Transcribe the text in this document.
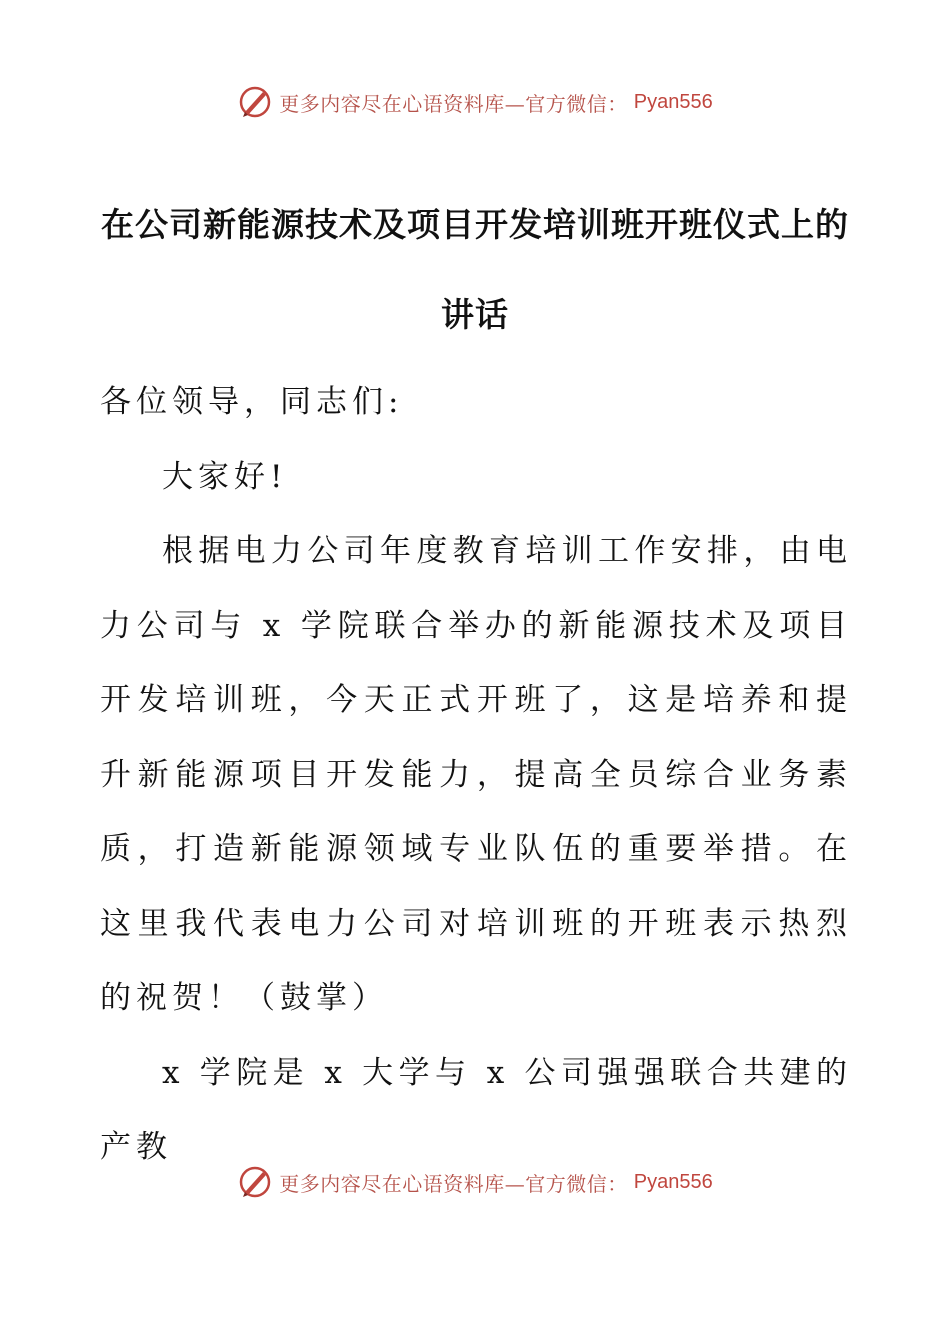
更多内容尽在心语资料库—官方微信： Pyan556
在公司新能源技术及项目开发培训班开班仪式上的讲话

各位领导，同志们:

大家好!

根据电力公司年度教育培训工作安排，由电力公司与 x 学院联合举办的新能源技术及项目开发培训班，今天正式开班了，这是培养和提升新能源项目开发能力，提高全员综合业务素质，打造新能源领域专业队伍的重要举措。在这里我代表电力公司对培训班的开班表示热烈的祝贺！（鼓掌）

x 学院是 x 大学与 x 公司强强联合共建的产教

更多内容尽在心语资料库—官方微信： Pyan556
